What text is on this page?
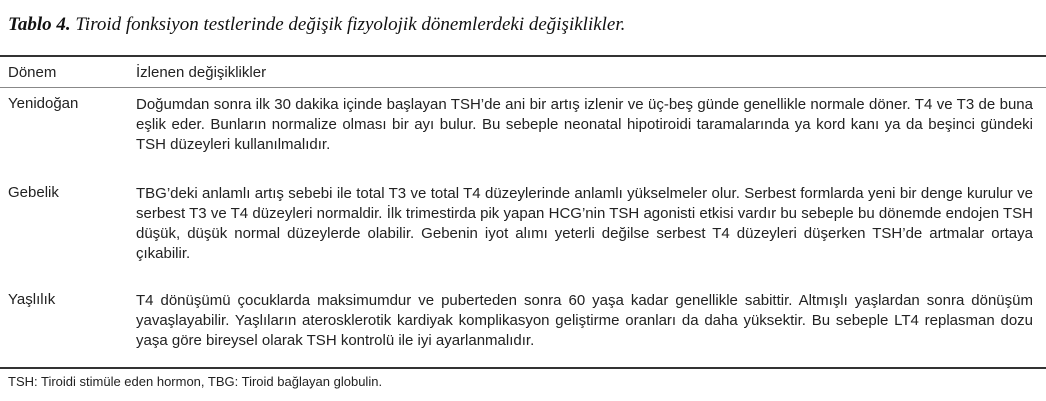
Tablo 4. Tiroid fonksiyon testlerinde değişik fizyolojik dönemlerdeki değişiklikler.
Dönem	İzlenen değişiklikler
Yenidoğan	Doğumdan sonra ilk 30 dakika içinde başlayan TSH’de ani bir artış izlenir ve üç-beş günde genellikle normale döner. T4 ve T3 de buna eşlik eder. Bunların normalize olması bir ayı bulur. Bu sebeple neonatal hipotiroidi taramalarında ya kord kanı ya da beşinci gündeki TSH düzeyleri kullanılmalıdır.
Gebelik	TBG’deki anlamlı artış sebebi ile total T3 ve total T4 düzeylerinde anlamlı yükselmeler olur. Serbest formlarda yeni bir denge kurulur ve serbest T3 ve T4 düzeyleri normaldir. İlk trimestirda pik yapan HCG’nin TSH agonisti etkisi vardır bu sebeple bu dönemde endojen TSH düşük, düşük normal düzeylerde olabilir. Gebenin iyot alımı yeterli değilse serbest T4 düzeyleri düşerken TSH’de artmalar ortaya çıkabilir.
Yaşlılık	T4 dönüşümü çocuklarda maksimumdur ve puberteden sonra 60 yaşa kadar genellikle sabittir. Altmışlı yaşlardan sonra dönüşüm yavaşlayabilir. Yaşlıların aterosklerotik kardiyak komplikasyon geliştirme oranları da daha yüksektir. Bu sebeple LT4 replasman dozu yaşa göre bireysel olarak TSH kontrolü ile iyi ayarlanmalıdır.
TSH: Tiroidi stimüle eden hormon, TBG: Tiroid bağlayan globulin.
